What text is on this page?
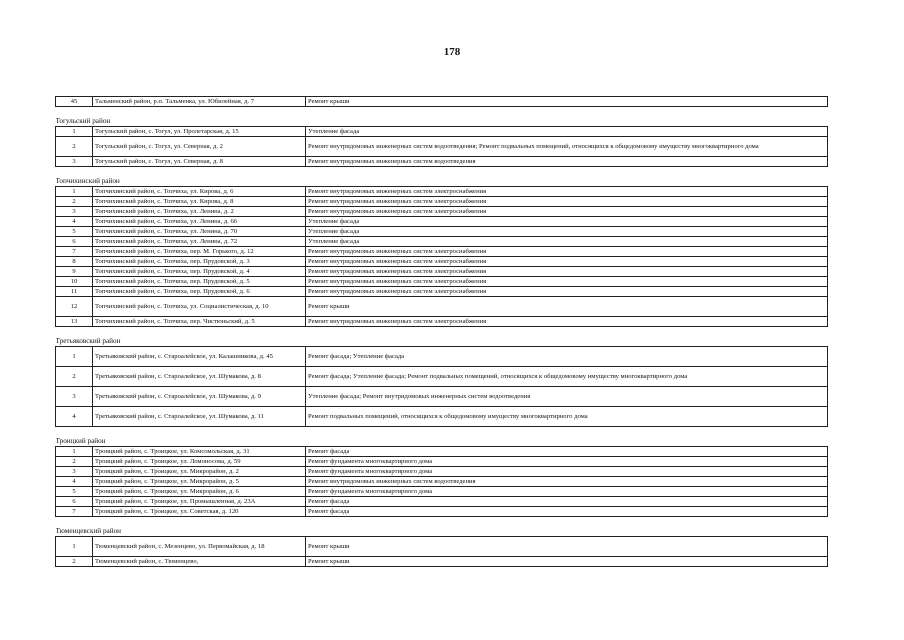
178
45	Тальменский район, р.п. Тальменка, ул. Юбилейная, д. 7	Ремонт крыши
Тогульский район		
1	Тогульский район, с. Тогул, ул. Пролетарская, д. 15	Утепление фасада
2	Тогульский район, с. Тогул, ул. Северная, д. 2	Ремонт внутридомовых инженерных систем водоотведения; Ремонт подвальных помещений, относящихся к общедомовому имуществу многоквартирного дома
3	Тогульский район, с. Тогул, ул. Северная, д. 8	Ремонт внутридомовых инженерных систем водоотведения
Топчихинский район		
1	Топчихинский район, с. Топчиха, ул. Кирова, д. 6	Ремонт внутридомовых инженерных систем электроснабжения
2	Топчихинский район, с. Топчиха, ул. Кирова, д. 8	Ремонт внутридомовых инженерных систем электроснабжения
3	Топчихинский район, с. Топчиха, ул. Ленина, д. 2	Ремонт внутридомовых инженерных систем электроснабжения
4	Топчихинский район, с. Топчиха, ул. Ленина, д. 66	Утепление фасада
5	Топчихинский район, с. Топчиха, ул. Ленина, д. 70	Утепление фасада
6	Топчихинский район, с. Топчиха, ул. Ленина, д. 72	Утепление фасада
7	Топчихинский район, с. Топчиха, пер. М. Горького, д. 12	Ремонт внутридомовых инженерных систем электроснабжения
8	Топчихинский район, с. Топчиха, пер. Прудовской, д. 3	Ремонт внутридомовых инженерных систем электроснабжения
9	Топчихинский район, с. Топчиха, пер. Прудовской, д. 4	Ремонт внутридомовых инженерных систем электроснабжения
10	Топчихинский район, с. Топчиха, пер. Прудовской, д. 5	Ремонт внутридомовых инженерных систем электроснабжения
11	Топчихинский район, с. Топчиха, пер. Прудовской, д. 6	Ремонт внутридомовых инженерных систем электроснабжения
12	Топчихинский район, с. Топчиха, ул. Социалистическая, д. 10	Ремонт крыши
13	Топчихинский район, с. Топчиха, пер. Чистюньский, д. 5	Ремонт внутридомовых инженерных систем электроснабжения
Третьяковский район		
1	Третьяковский район, с. Староалейское, ул. Калашникова, д. 45	Ремонт фасада; Утепление фасада
2	Третьяковский район, с. Староалейское, ул. Шумакова, д. 8	Ремонт фасада; Утепление фасада; Ремонт подвальных помещений, относящихся к общедомовому имуществу многоквартирного дома
3	Третьяковский район, с. Староалейское, ул. Шумакова, д. 9	Утепление фасада; Ремонт внутридомовых инженерных систем водоотведения
4	Третьяковский район, с. Староалейское, ул. Шумакова, д. 11	Ремонт подвальных помещений, относящихся к общедомовому имуществу многоквартирного дома
Троицкий район		
1	Троицкий район, с. Троицкое, ул. Комсомольская, д. 31	Ремонт фасада
2	Троицкий район, с. Троицкое, ул. Ломоносова, д. 59	Ремонт фундамента многоквартирного дома
3	Троицкий район, с. Троицкое, ул. Микрорайон, д. 2	Ремонт фундамента многоквартирного дома
4	Троицкий район, с. Троицкое, ул. Микрорайон, д. 5	Ремонт внутридомовых инженерных систем водоотведения
5	Троицкий район, с. Троицкое, ул. Микрорайон, д. 6	Ремонт фундамента многоквартирного дома
6	Троицкий район, с. Троицкое, ул. Промышленная, д. 23А	Ремонт фасада
7	Троицкий район, с. Троицкое, ул. Советская, д. 120	Ремонт фасада
Тюменцевский район		
1	Тюменцевский район, с. Мезенцево, ул. Первомайская, д. 18	Ремонт крыши
2	Тюменцевский район, с. Тюменцево,	Ремонт крыши
